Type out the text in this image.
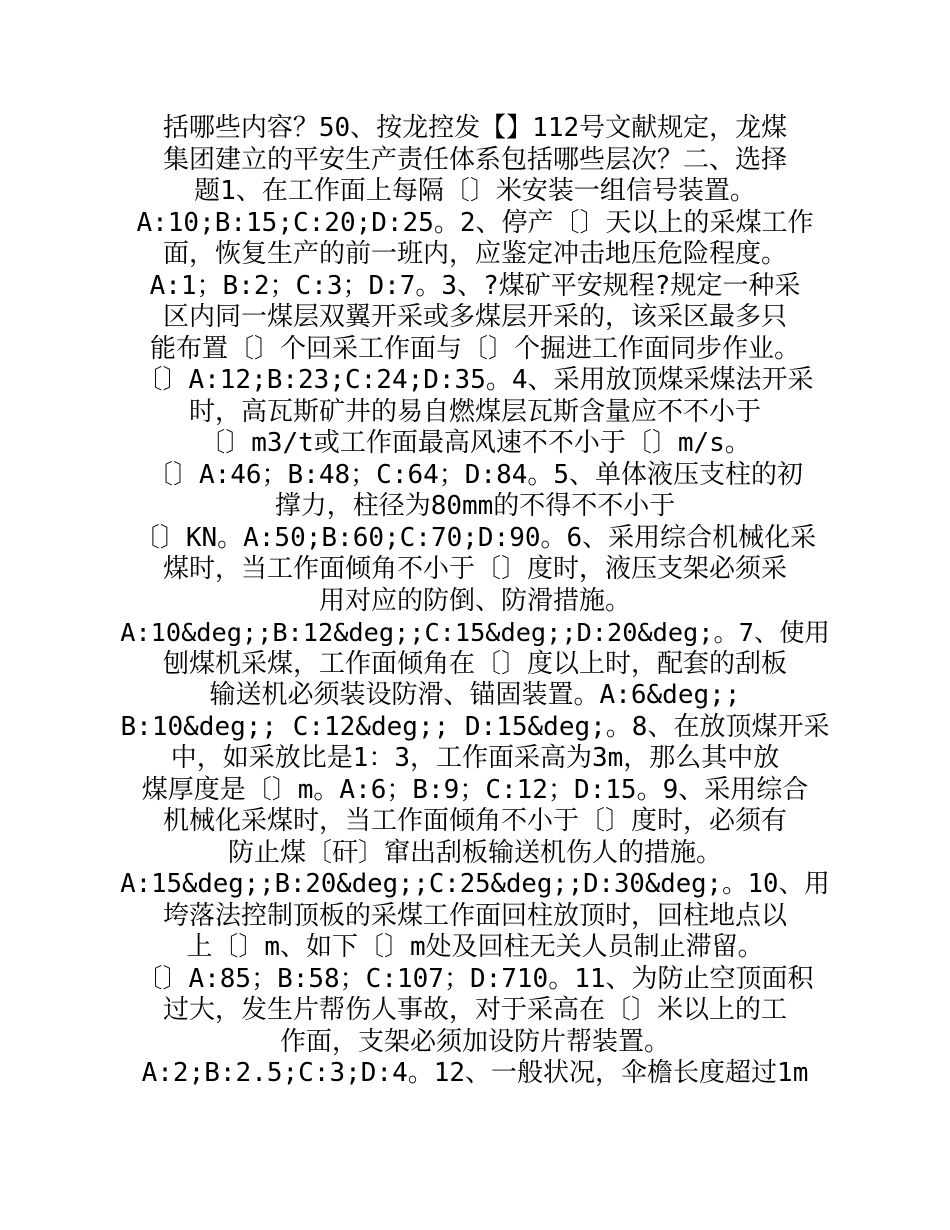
括哪些内容？50、按龙控发【】112号文献规定，龙煤
集团建立的平安生产责任体系包括哪些层次？二、选择
题1、在工作面上每隔〔〕米安装一组信号装置。
A:10;B:15;C:20;D:25。2、停产〔〕天以上的采煤工作
面，恢复生产的前一班内，应鉴定冲击地压危险程度。
A:1；B:2；C:3；D:7。3、?煤矿平安规程?规定一种采
区内同一煤层双翼开采或多煤层开采的，该采区最多只
能布置〔〕个回采工作面与〔〕个掘进工作面同步作业。
〔〕A:12;B:23;C:24;D:35。4、采用放顶煤采煤法开采
时，高瓦斯矿井的易自燃煤层瓦斯含量应不不小于
〔〕m3/t或工作面最高风速不不小于〔〕m/s。
〔〕A:46；B:48；C:64；D:84。5、单体液压支柱的初
撑力，柱径为80mm的不得不不小于
〔〕KN。A:50;B:60;C:70;D:90。6、采用综合机械化采
煤时，当工作面倾角不小于〔〕度时，液压支架必须采
用对应的防倒、防滑措施。
A:10&deg;;B:12&deg;;C:15&deg;;D:20&deg;。7、使用
刨煤机采煤，工作面倾角在〔〕度以上时，配套的刮板
输送机必须装设防滑、锚固装置。A:6&deg;;
B:10&deg;; C:12&deg;; D:15&deg;。8、在放顶煤开采
中，如采放比是1：3，工作面采高为3m，那么其中放
煤厚度是〔〕m。A:6；B:9；C:12；D:15。9、采用综合
机械化采煤时，当工作面倾角不小于〔〕度时，必须有
防止煤〔矸〕窜出刮板输送机伤人的措施。
A:15&deg;;B:20&deg;;C:25&deg;;D:30&deg;。10、用
垮落法控制顶板的采煤工作面回柱放顶时，回柱地点以
上〔〕m、如下〔〕m处及回柱无关人员制止滞留。
〔〕A:85；B:58；C:107；D:710。11、为防止空顶面积
过大，发生片帮伤人事故，对于采高在〔〕米以上的工
作面，支架必须加设防片帮装置。
A:2;B:2.5;C:3;D:4。12、一般状况，伞檐长度超过1m
